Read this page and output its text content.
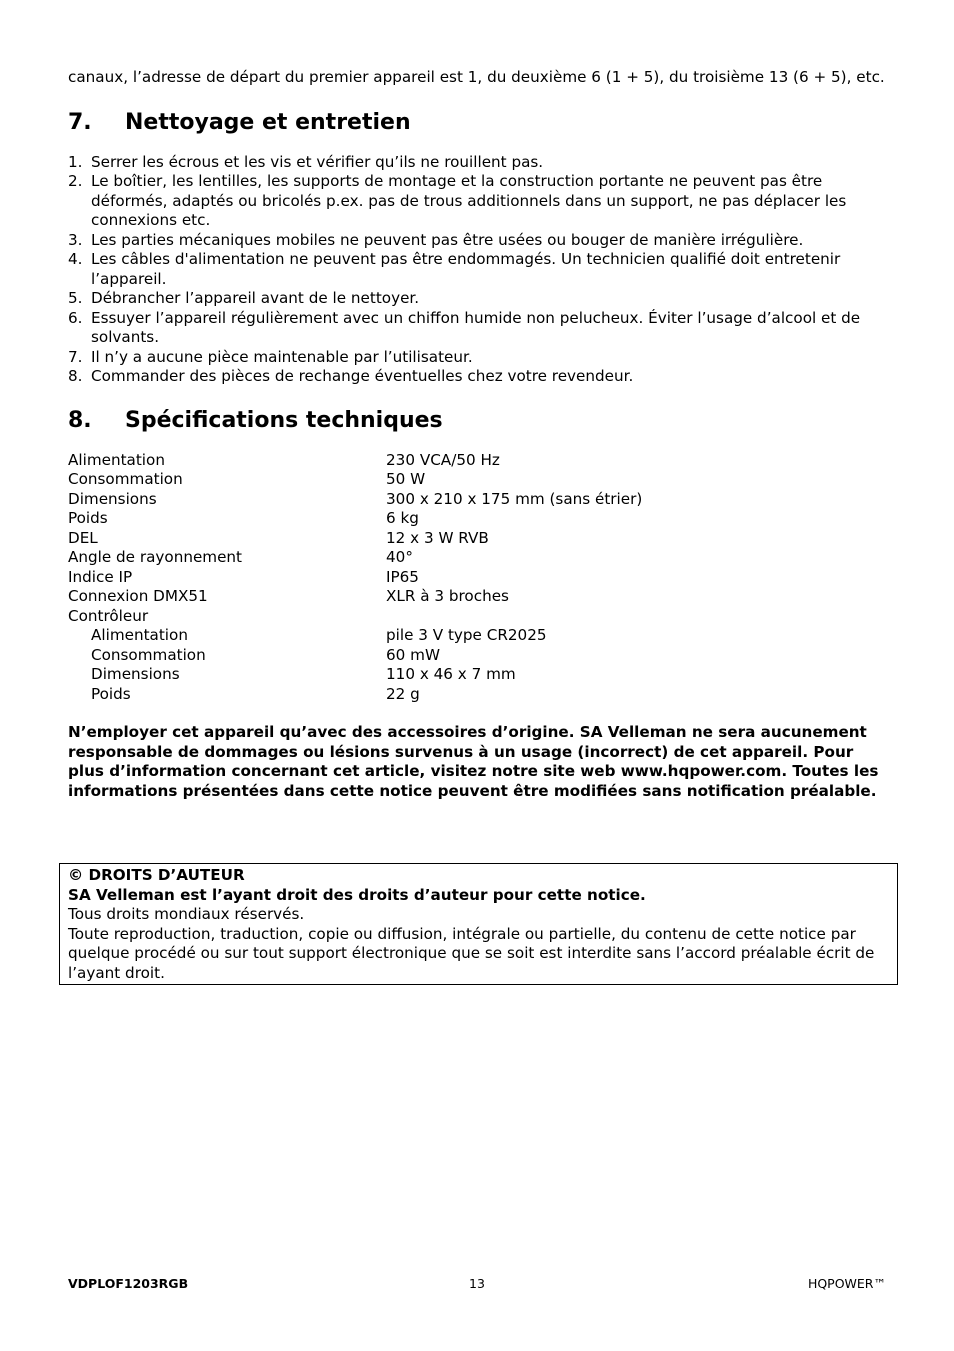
canaux, l’adresse de départ du premier appareil est 1, du deuxième 6 (1 + 5), du troisième 13 (6 + 5), etc.

7.	Nettoyage et entretien
1. Serrer les écrous et les vis et vérifier qu’ils ne rouillent pas.
2. Le boîtier, les lentilles, les supports de montage et la construction portante ne peuvent pas être déformés, adaptés ou bricolés p.ex. pas de trous additionnels dans un support, ne pas déplacer les connexions etc.
3. Les parties mécaniques mobiles ne peuvent pas être usées ou bouger de manière irrégulière.
4. Les câbles d'alimentation ne peuvent pas être endommagés. Un technicien qualifié doit entretenir l’appareil.
5. Débrancher l’appareil avant de le nettoyer.
6. Essuyer l’appareil régulièrement avec un chiffon humide non pelucheux. Éviter l’usage d’alcool et de solvants.
7. Il n’y a aucune pièce maintenable par l’utilisateur.
8. Commander des pièces de rechange éventuelles chez votre revendeur.
8.	Spécifications techniques
Alimentation	230 VCA/50 Hz
Consommation	50 W
Dimensions	300 x 210 x 175 mm (sans étrier)
Poids	6 kg
DEL	12 x 3 W RVB
Angle de rayonnement	40°
Indice IP	IP65
Connexion DMX51	XLR à 3 broches
Contrôleur
Alimentation	pile 3 V type CR2025
Consommation	60 mW
Dimensions	110 x 46 x 7 mm
Poids	22 g

N’employer cet appareil qu’avec des accessoires d’origine. SA Velleman ne sera aucunement responsable de dommages ou lésions survenus à un usage (incorrect) de cet appareil. Pour plus d’information concernant cet article, visitez notre site web www.hqpower.com. Toutes les informations présentées dans cette notice peuvent être modifiées sans notification préalable.

© DROITS D’AUTEUR
SA Velleman est l’ayant droit des droits d’auteur pour cette notice.
Tous droits mondiaux réservés.
Toute reproduction, traduction, copie ou diffusion, intégrale ou partielle, du contenu de cette notice par quelque procédé ou sur tout support électronique que se soit est interdite sans l’accord préalable écrit de l’ayant droit.
VDPLOF1203RGB	13	HQPOWER™
